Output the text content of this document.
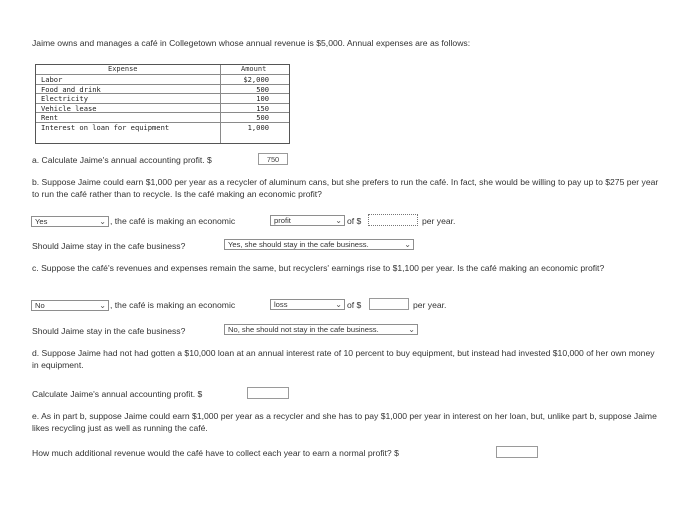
Jaime owns and manages a café in Collegetown whose annual revenue is $5,000. Annual expenses are as follows:
Expense	Amount
Labor	$2,000
Food and drink	500
Electricity	100
Vehicle lease	150
Rent	500
Interest on loan for equipment	1,000
a. Calculate Jaime's annual accounting profit. $	750
b. Suppose Jaime could earn $1,000 per year as a recycler of aluminum cans, but she prefers to run the café. In fact, she would be willing to pay up to $275 per year to run the café rather than to recycle. Is the café making an economic profit?
Yes	⌄ , the café is making an economic	profit	⌄ of $	per year.
Should Jaime stay in the cafe business?	Yes, she should stay in the cafe business.	⌄
c. Suppose the café's revenues and expenses remain the same, but recyclers' earnings rise to $1,100 per year. Is the café making an economic profit?
No	⌄ , the café is making an economic	loss	⌄ of $	per year.
Should Jaime stay in the cafe business?	No, she should not stay in the cafe business.	⌄
d. Suppose Jaime had not had gotten a $10,000 loan at an annual interest rate of 10 percent to buy equipment, but instead had invested $10,000 of her own money in equipment.
Calculate Jaime's annual accounting profit. $
e. As in part b, suppose Jaime could earn $1,000 per year as a recycler and she has to pay $1,000 per year in interest on her loan, but, unlike part b, suppose Jaime likes recycling just as well as running the café.
How much additional revenue would the café have to collect each year to earn a normal profit? $
